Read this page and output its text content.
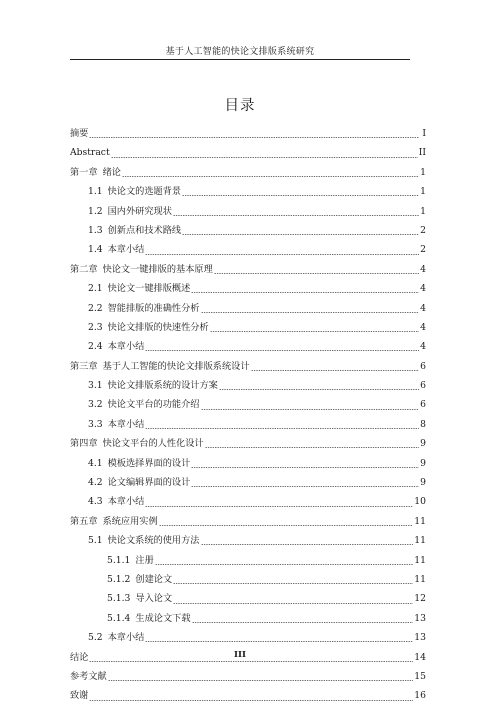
基于人工智能的快论文排版系统研究
目录
摘要	I
Abstract	II
第一章 绪论	1
1.1 快论文的选题背景	1
1.2 国内外研究现状	1
1.3 创新点和技术路线	2
1.4 本章小结	2
第二章 快论文一键排版的基本原理	4
2.1 快论文一键排版概述	4
2.2 智能排版的准确性分析	4
2.3 快论文排版的快速性分析	4
2.4 本章小结	4
第三章 基于人工智能的快论文排版系统设计	6
3.1 快论文排版系统的设计方案	6
3.2 快论文平台的功能介绍	6
3.3 本章小结	8
第四章 快论文平台的人性化设计	9
4.1 模板选择界面的设计	9
4.2 论文编辑界面的设计	9
4.3 本章小结	10
第五章 系统应用实例	11
5.1 快论文系统的使用方法	11
5.1.1 注册	11
5.1.2 创建论文	11
5.1.3 导入论文	12
5.1.4 生成论文下载	13
5.2 本章小结	13
结论	14
参考文献	15
致谢	16
III
